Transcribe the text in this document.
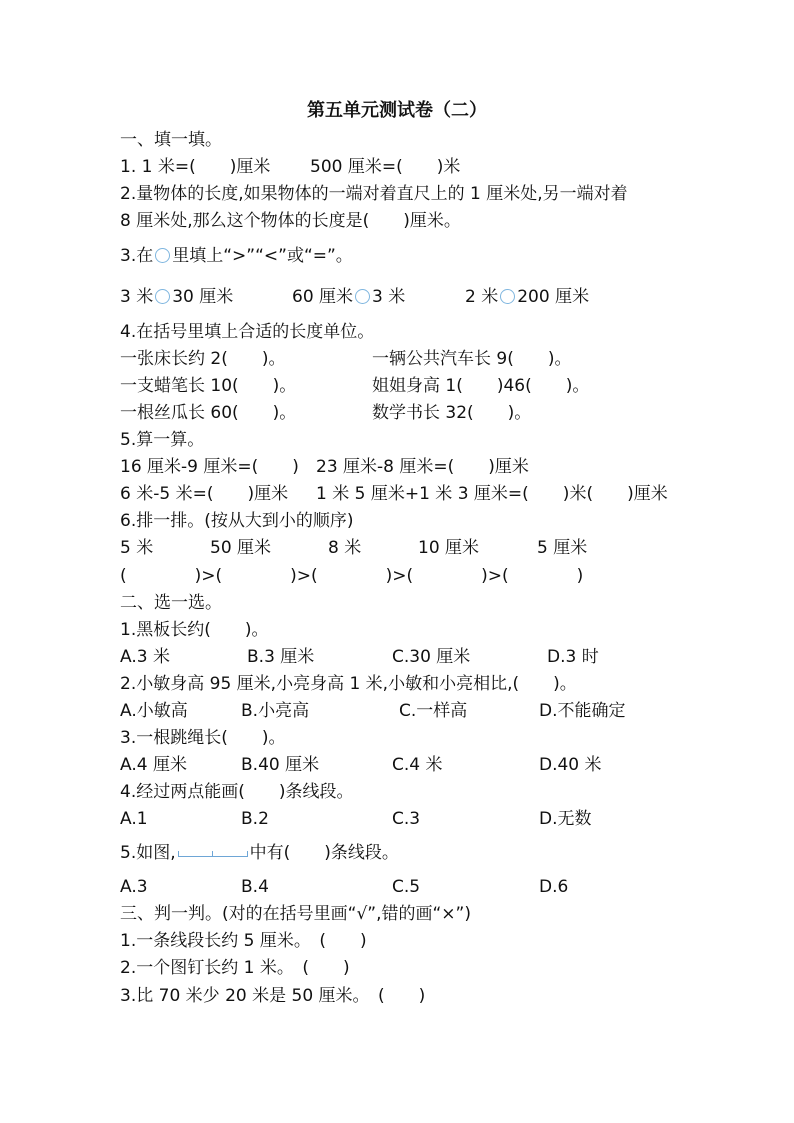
第五单元测试卷（二）
一、填一填。
1. 1 米=(　　)厘米 500 厘米=(　　)米
2.量物体的长度,如果物体的一端对着直尺上的 1 厘米处,另一端对着
8 厘米处,那么这个物体的长度是(　　)厘米。
3.在 里填上“>”“<”或“=”。
3 米 30 厘米	60 厘米 3 米	2 米 200 厘米
4.在括号里填上合适的长度单位。
一张床长约 2(　　)。	一辆公共汽车长 9(　　)。
一支蜡笔长 10(　　)。	姐姐身高 1(　　)46(　　)。
一根丝瓜长 60(　　)。	数学书长 32(　　)。
5.算一算。
16 厘米-9 厘米=(　　) 23 厘米-8 厘米=(　　)厘米
6 米-5 米=(　　)厘米 1 米 5 厘米+1 米 3 厘米=(　　)米(　　)厘米
6.排一排。(按从大到小的顺序)
5 米	50 厘米	8 米	10 厘米	5 厘米
(　　　　)>(　　　　)>(　　　　)>(　　　　)>(　　　　)
二、选一选。
1.黑板长约(　　)。
A.3 米	B.3 厘米	C.30 厘米	D.3 时
2.小敏身高 95 厘米,小亮身高 1 米,小敏和小亮相比,(　　)。
A.小敏高	B.小亮高	C.一样高	D.不能确定
3.一根跳绳长(　　)。
A.4 厘米	B.40 厘米	C.4 米	D.40 米
4.经过两点能画(　　)条线段。
A.1	B.2	C.3	D.无数
5.如图,	中有(　　)条线段。
A.3	B.4	C.5	D.6
三、判一判。(对的在括号里画“√”,错的画“×”)
1.一条线段长约 5 厘米。　(　　)
2.一个图钉长约 1 米。　(　　)
3.比 70 米少 20 米是 50 厘米。　(　　)
